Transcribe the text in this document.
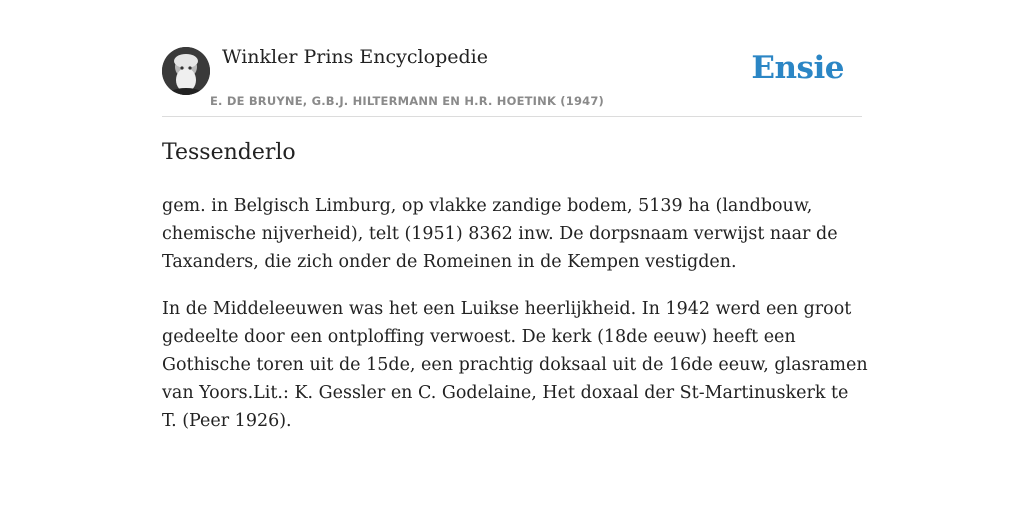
Winkler Prins Encyclopedie
E. DE BRUYNE, G.B.J. HILTERMANN EN H.R. HOETINK (1947)
Ensie
Tessenderlo

gem. in Belgisch Limburg, op vlakke zandige bodem, 5139 ha (landbouw, chemische nijverheid), telt (1951) 8362 inw. De dorpsnaam verwijst naar de Taxanders, die zich onder de Romeinen in de Kempen vestigden.

In de Middeleeuwen was het een Luikse heerlijkheid. In 1942 werd een groot gedeelte door een ontploffing verwoest. De kerk (18de eeuw) heeft een Gothische toren uit de 15de, een prachtig doksaal uit de 16de eeuw, glasramen van Yoors.Lit.: K. Gessler en C. Godelaine, Het doxaal der St-Martinuskerk te T. (Peer 1926).
